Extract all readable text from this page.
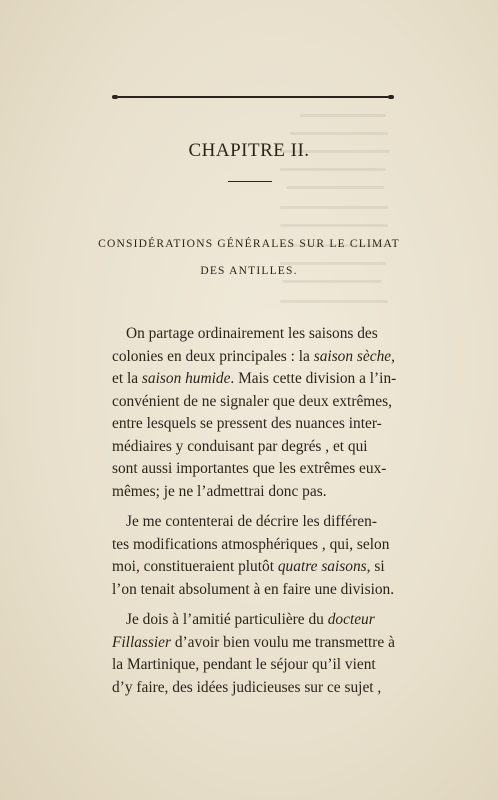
CHAPITRE II.
CONSIDÉRATIONS GÉNÉRALES SUR LE CLIMAT
DES ANTILLES.
On partage ordinairement les saisons des
colonies en deux principales : la saison sèche,
et la saison humide. Mais cette division a l’in-
convénient de ne signaler que deux extrêmes,
entre lesquels se pressent des nuances inter-
médiaires y conduisant par degrés , et qui
sont aussi importantes que les extrêmes eux-
mêmes; je ne l’admettrai donc pas.
Je me contenterai de décrire les différen-
tes modifications atmosphériques , qui, selon
moi, constitueraient plutôt quatre saisons, si
l’on tenait absolument à en faire une division.
Je dois à l’amitié particulière du docteur
Fillassier d’avoir bien voulu me transmettre à
la Martinique, pendant le séjour qu’il vient
d’y faire, des idées judicieuses sur ce sujet ,
